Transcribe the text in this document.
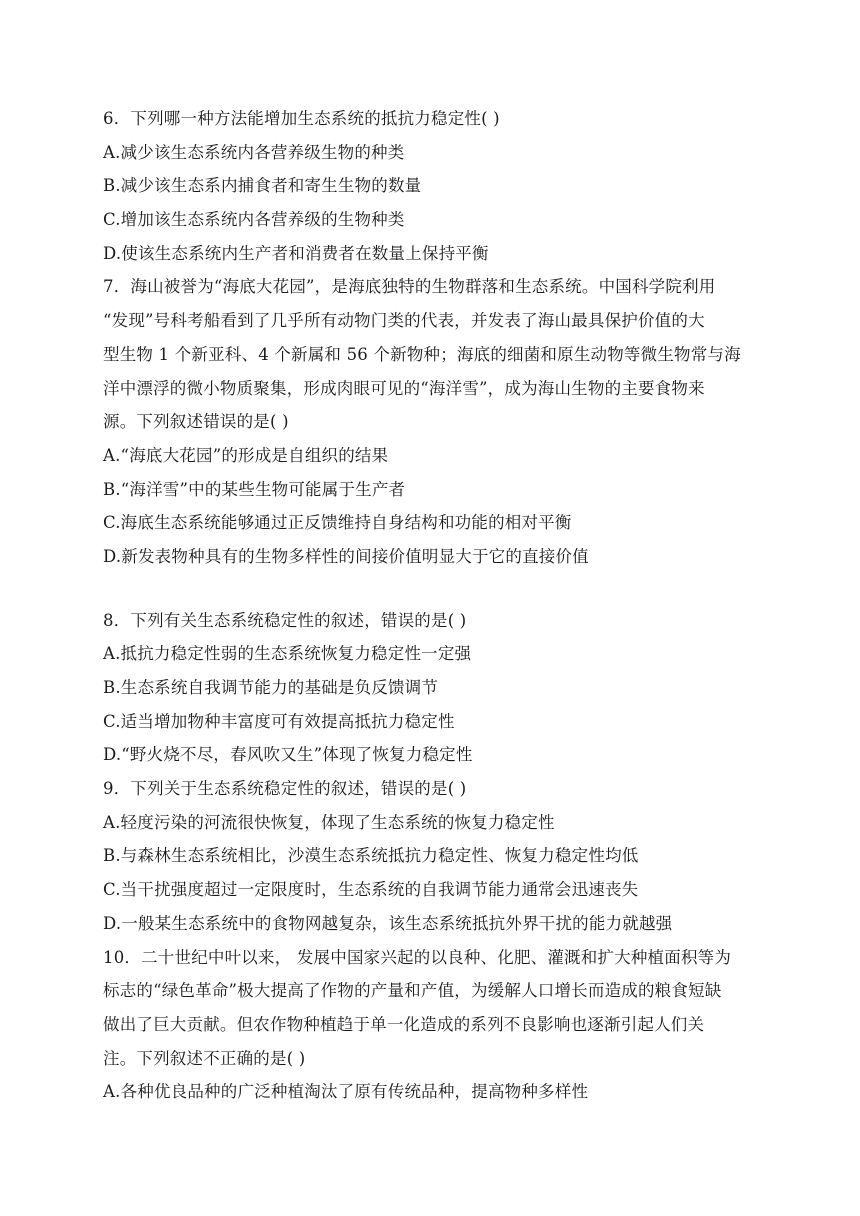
6．下列哪一种方法能增加生态系统的抵抗力稳定性( )
A.减少该生态系统内各营养级生物的种类
B.减少该生态系内捕食者和寄生生物的数量
C.增加该生态系统内各营养级的生物种类
D.使该生态系统内生产者和消费者在数量上保持平衡
7．海山被誉为“海底大花园”，是海底独特的生物群落和生态系统。中国科学院利用
“发现”号科考船看到了几乎所有动物门类的代表，并发表了海山最具保护价值的大
型生物 1 个新亚科、4 个新属和 56 个新物种；海底的细菌和原生动物等微生物常与海
洋中漂浮的微小物质聚集，形成肉眼可见的“海洋雪”，成为海山生物的主要食物来
源。下列叙述错误的是( )
A.“海底大花园”的形成是自组织的结果
B.“海洋雪”中的某些生物可能属于生产者
C.海底生态系统能够通过正反馈维持自身结构和功能的相对平衡
D.新发表物种具有的生物多样性的间接价值明显大于它的直接价值
8．下列有关生态系统稳定性的叙述，错误的是( )
A.抵抗力稳定性弱的生态系统恢复力稳定性一定强
B.生态系统自我调节能力的基础是负反馈调节
C.适当增加物种丰富度可有效提高抵抗力稳定性
D.“野火烧不尽，春风吹又生”体现了恢复力稳定性
9．下列关于生态系统稳定性的叙述，错误的是( )
A.轻度污染的河流很快恢复，体现了生态系统的恢复力稳定性
B.与森林生态系统相比，沙漠生态系统抵抗力稳定性、恢复力稳定性均低
C.当干扰强度超过一定限度时，生态系统的自我调节能力通常会迅速丧失
D.一般某生态系统中的食物网越复杂，该生态系统抵抗外界干扰的能力就越强
10．二十世纪中叶以来， 发展中国家兴起的以良种、化肥、灌溉和扩大种植面积等为
标志的“绿色革命”极大提高了作物的产量和产值，为缓解人口增长而造成的粮食短缺
做出了巨大贡献。但农作物种植趋于单一化造成的系列不良影响也逐渐引起人们关
注。下列叙述不正确的是( )
A.各种优良品种的广泛种植淘汰了原有传统品种，提高物种多样性
